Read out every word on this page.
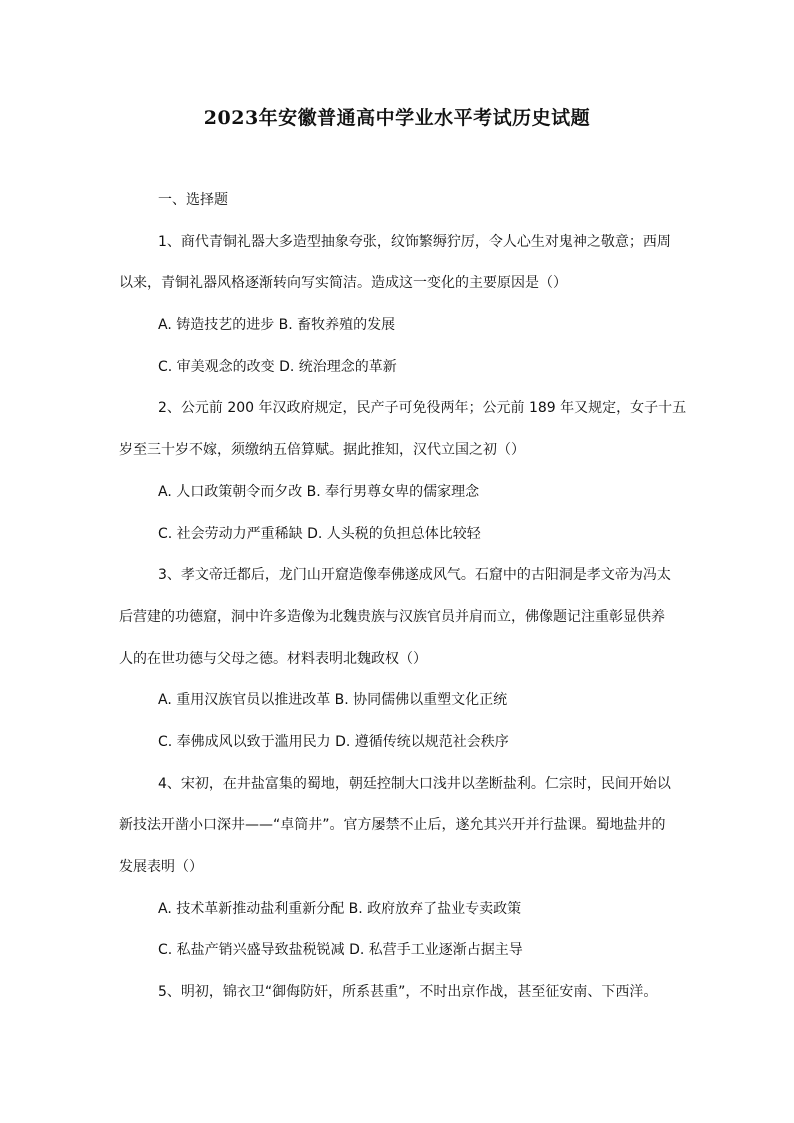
2023年安徽普通高中学业水平考试历史试题
一、选择题
1、商代青铜礼器大多造型抽象夸张，纹饰繁缛狞厉，令人心生对鬼神之敬意；西周
以来，青铜礼器风格逐渐转向写实简洁。造成这一变化的主要原因是（）
A. 铸造技艺的进步 B. 畜牧养殖的发展
C. 审美观念的改变 D. 统治理念的革新
2、公元前 200 年汉政府规定，民产子可免役两年；公元前 189 年又规定，女子十五
岁至三十岁不嫁，须缴纳五倍算赋。据此推知，汉代立国之初（）
A. 人口政策朝令而夕改 B. 奉行男尊女卑的儒家理念
C. 社会劳动力严重稀缺 D. 人头税的负担总体比较轻
3、孝文帝迁都后，龙门山开窟造像奉佛遂成风气。石窟中的古阳洞是孝文帝为冯太
后营建的功德窟，洞中许多造像为北魏贵族与汉族官员并肩而立，佛像题记注重彰显供养
人的在世功德与父母之德。材料表明北魏政权（）
A. 重用汉族官员以推进改革 B. 协同儒佛以重塑文化正统
C. 奉佛成风以致于滥用民力 D. 遵循传统以规范社会秩序
4、宋初，在井盐富集的蜀地，朝廷控制大口浅井以垄断盐利。仁宗时，民间开始以
新技法开凿小口深井——“卓筒井”。官方屡禁不止后，遂允其兴开并行盐课。蜀地盐井的
发展表明（）
A. 技术革新推动盐利重新分配 B. 政府放弃了盐业专卖政策
C. 私盐产销兴盛导致盐税锐减 D. 私营手工业逐渐占据主导
5、明初，锦衣卫“御侮防奸，所系甚重”，不时出京作战，甚至征安南、下西洋。
